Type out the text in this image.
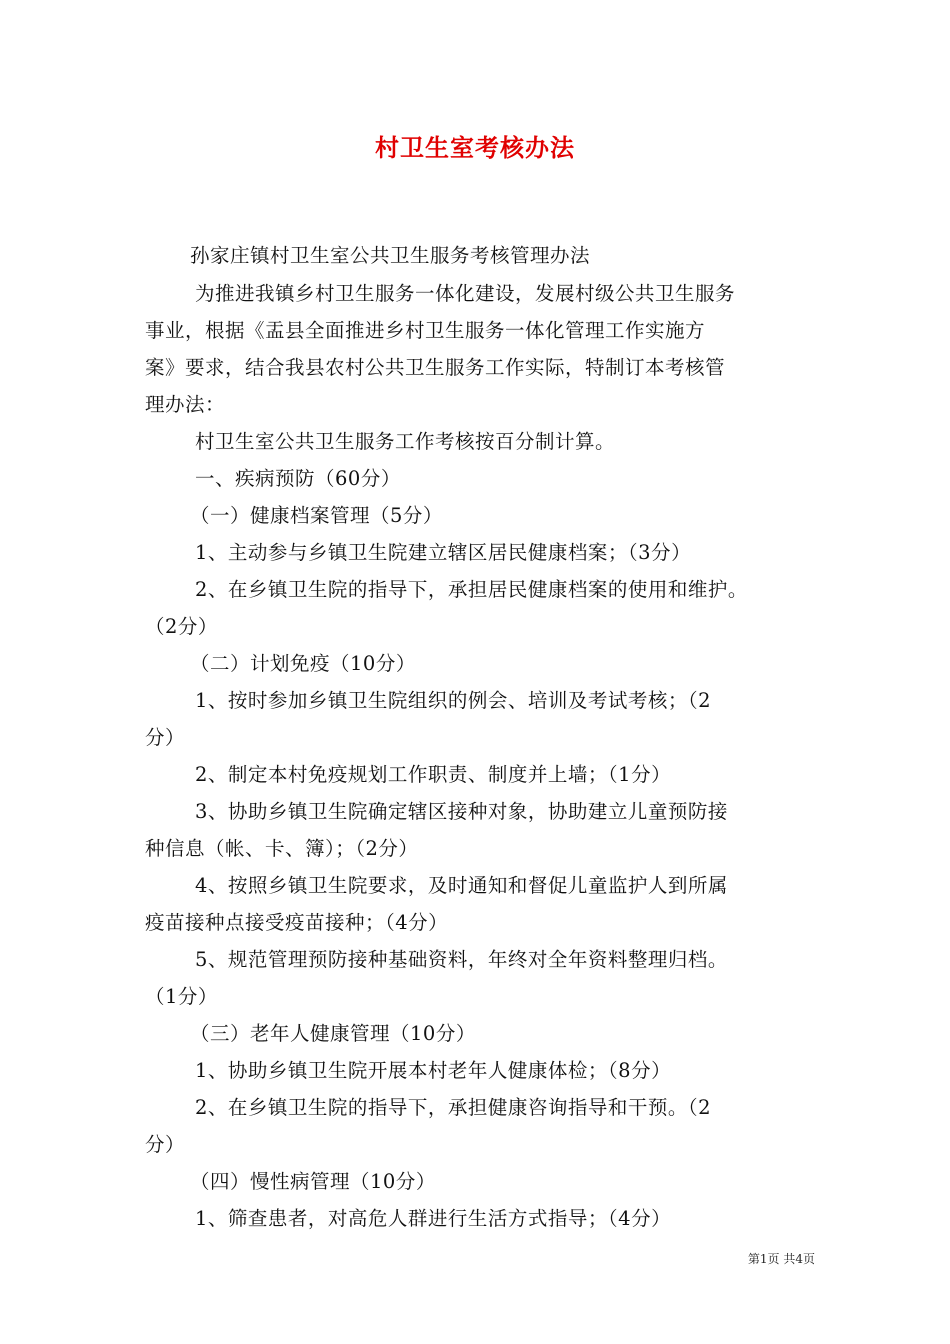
村卫生室考核办法
孙家庄镇村卫生室公共卫生服务考核管理办法
为推进我镇乡村卫生服务一体化建设，发展村级公共卫生服务
事业，根据《盂县全面推进乡村卫生服务一体化管理工作实施方
案》要求，结合我县农村公共卫生服务工作实际，特制订本考核管
理办法：
村卫生室公共卫生服务工作考核按百分制计算。
一、疾病预防（60分）
（一）健康档案管理（5分）
1、主动参与乡镇卫生院建立辖区居民健康档案；（3分）
2、在乡镇卫生院的指导下，承担居民健康档案的使用和维护。
（2分）
（二）计划免疫（10分）
1、按时参加乡镇卫生院组织的例会、培训及考试考核；（2
分）
2、制定本村免疫规划工作职责、制度并上墙；（1分）
3、协助乡镇卫生院确定辖区接种对象，协助建立儿童预防接
种信息（帐、卡、簿）；（2分）
4、按照乡镇卫生院要求，及时通知和督促儿童监护人到所属
疫苗接种点接受疫苗接种；（4分）
5、规范管理预防接种基础资料，年终对全年资料整理归档。
（1分）
（三）老年人健康管理（10分）
1、协助乡镇卫生院开展本村老年人健康体检；（8分）
2、在乡镇卫生院的指导下，承担健康咨询指导和干预。（2
分）
（四）慢性病管理（10分）
1、筛查患者，对高危人群进行生活方式指导；（4分）
第1页 共4页
